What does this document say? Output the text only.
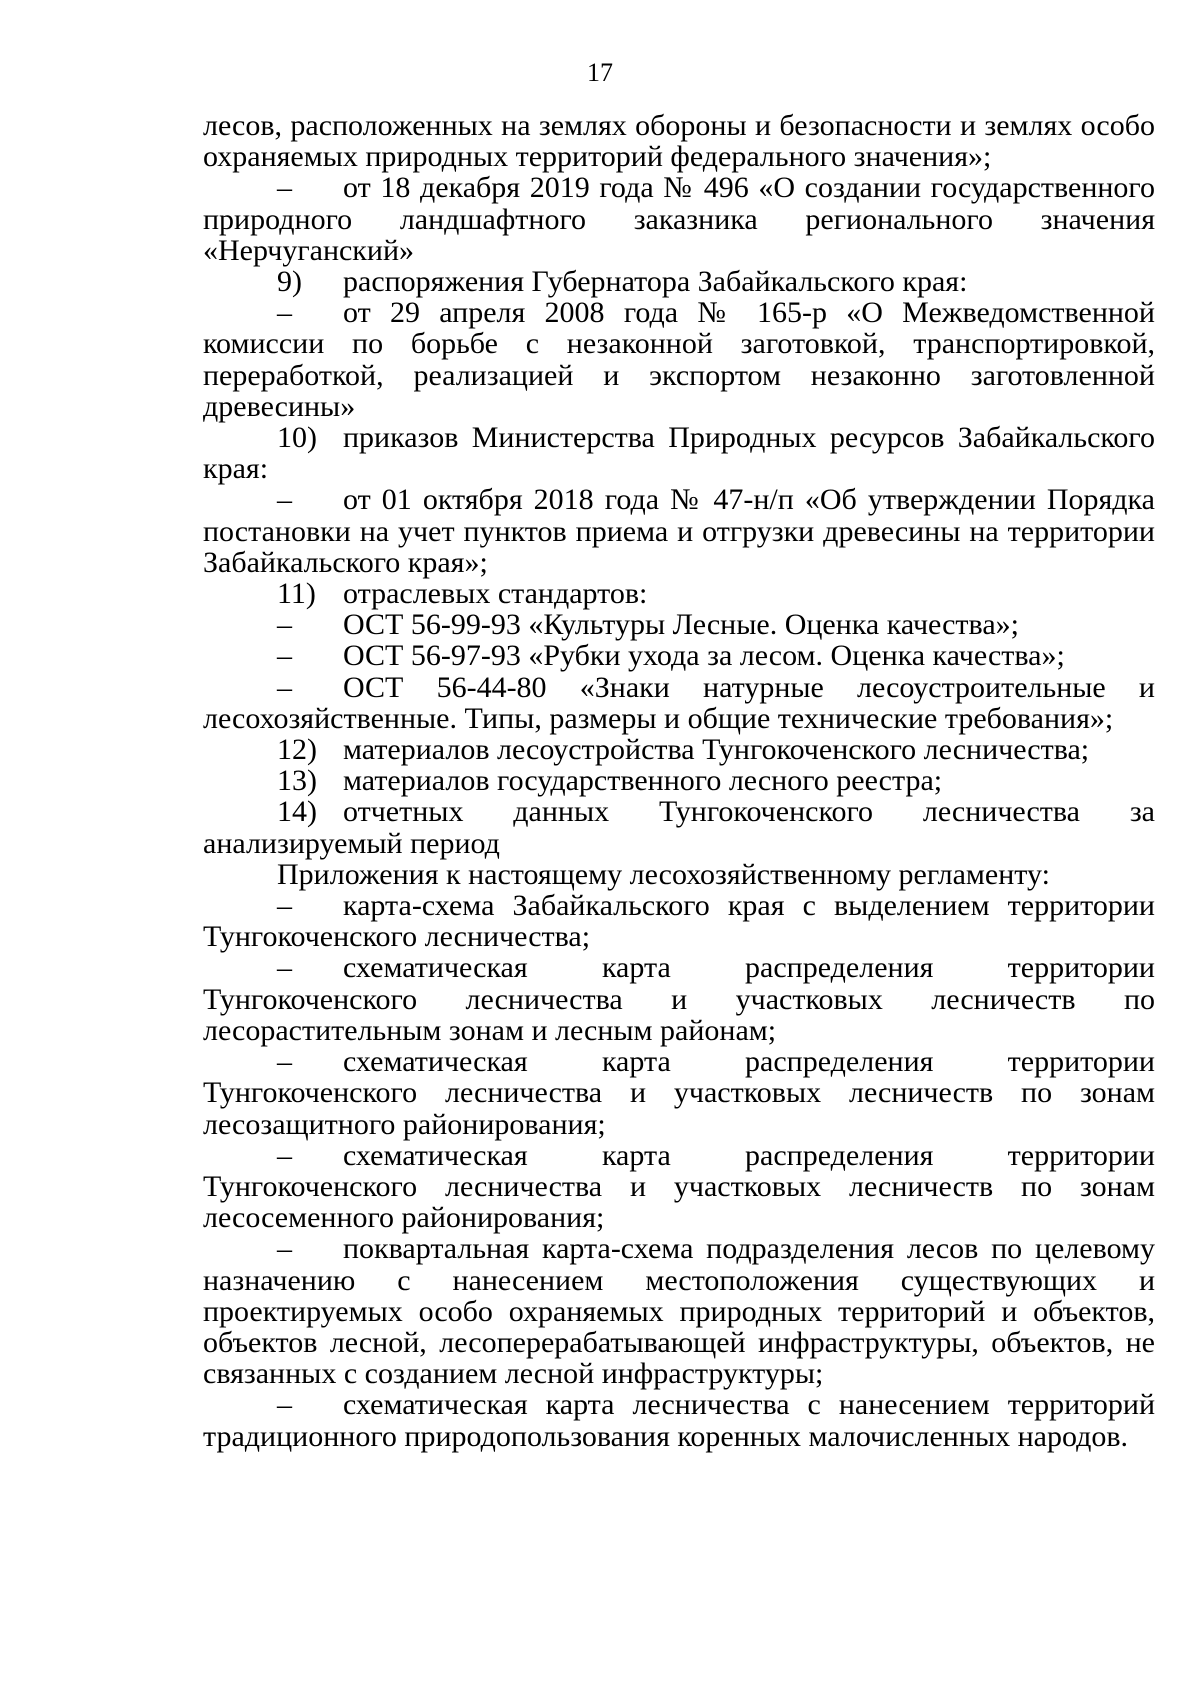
17

лесов, расположенных на землях обороны и безопасности и землях особо охраняемых природных территорий федерального значения»;

– от 18 декабря 2019 года № 496 «О создании государственного природного ландшафтного заказника регионального значения «Нерчуганский»

9) распоряжения Губернатора Забайкальского края:

– от 29 апреля 2008 года № 165-р «О Межведомственной комиссии по борьбе с незаконной заготовкой, транспортировкой, переработкой, реализацией и экспортом незаконно заготовленной древесины»

10) приказов Министерства Природных ресурсов Забайкальского края:

– от 01 октября 2018 года № 47-н/п «Об утверждении Порядка постановки на учет пунктов приема и отгрузки древесины на территории Забайкальского края»;

11) отраслевых стандартов:

– ОСТ 56-99-93 «Культуры Лесные. Оценка качества»;

– ОСТ 56-97-93 «Рубки ухода за лесом. Оценка качества»;

– ОСТ 56-44-80 «Знаки натурные лесоустроительные и лесохозяйственные. Типы, размеры и общие технические требования»;

12) материалов лесоустройства Тунгокоченского лесничества;

13) материалов государственного лесного реестра;

14) отчетных данных Тунгокоченского лесничества за анализируемый период

Приложения к настоящему лесохозяйственному регламенту:

– карта-схема Забайкальского края с выделением территории Тунгокоченского лесничества;

– схематическая карта распределения территории Тунгокоченского лесничества и участковых лесничеств по лесорастительным зонам и лесным районам;

– схематическая карта распределения территории Тунгокоченского лесничества и участковых лесничеств по зонам лесозащитного районирования;

– схематическая карта распределения территории Тунгокоченского лесничества и участковых лесничеств по зонам лесосеменного районирования;

– поквартальная карта-схема подразделения лесов по целевому назначению с нанесением местоположения существующих и проектируемых особо охраняемых природных территорий и объектов, объектов лесной, лесоперерабатывающей инфраструктуры, объектов, не связанных с созданием лесной инфраструктуры;

– схематическая карта лесничества с нанесением территорий традиционного природопользования коренных малочисленных народов.
